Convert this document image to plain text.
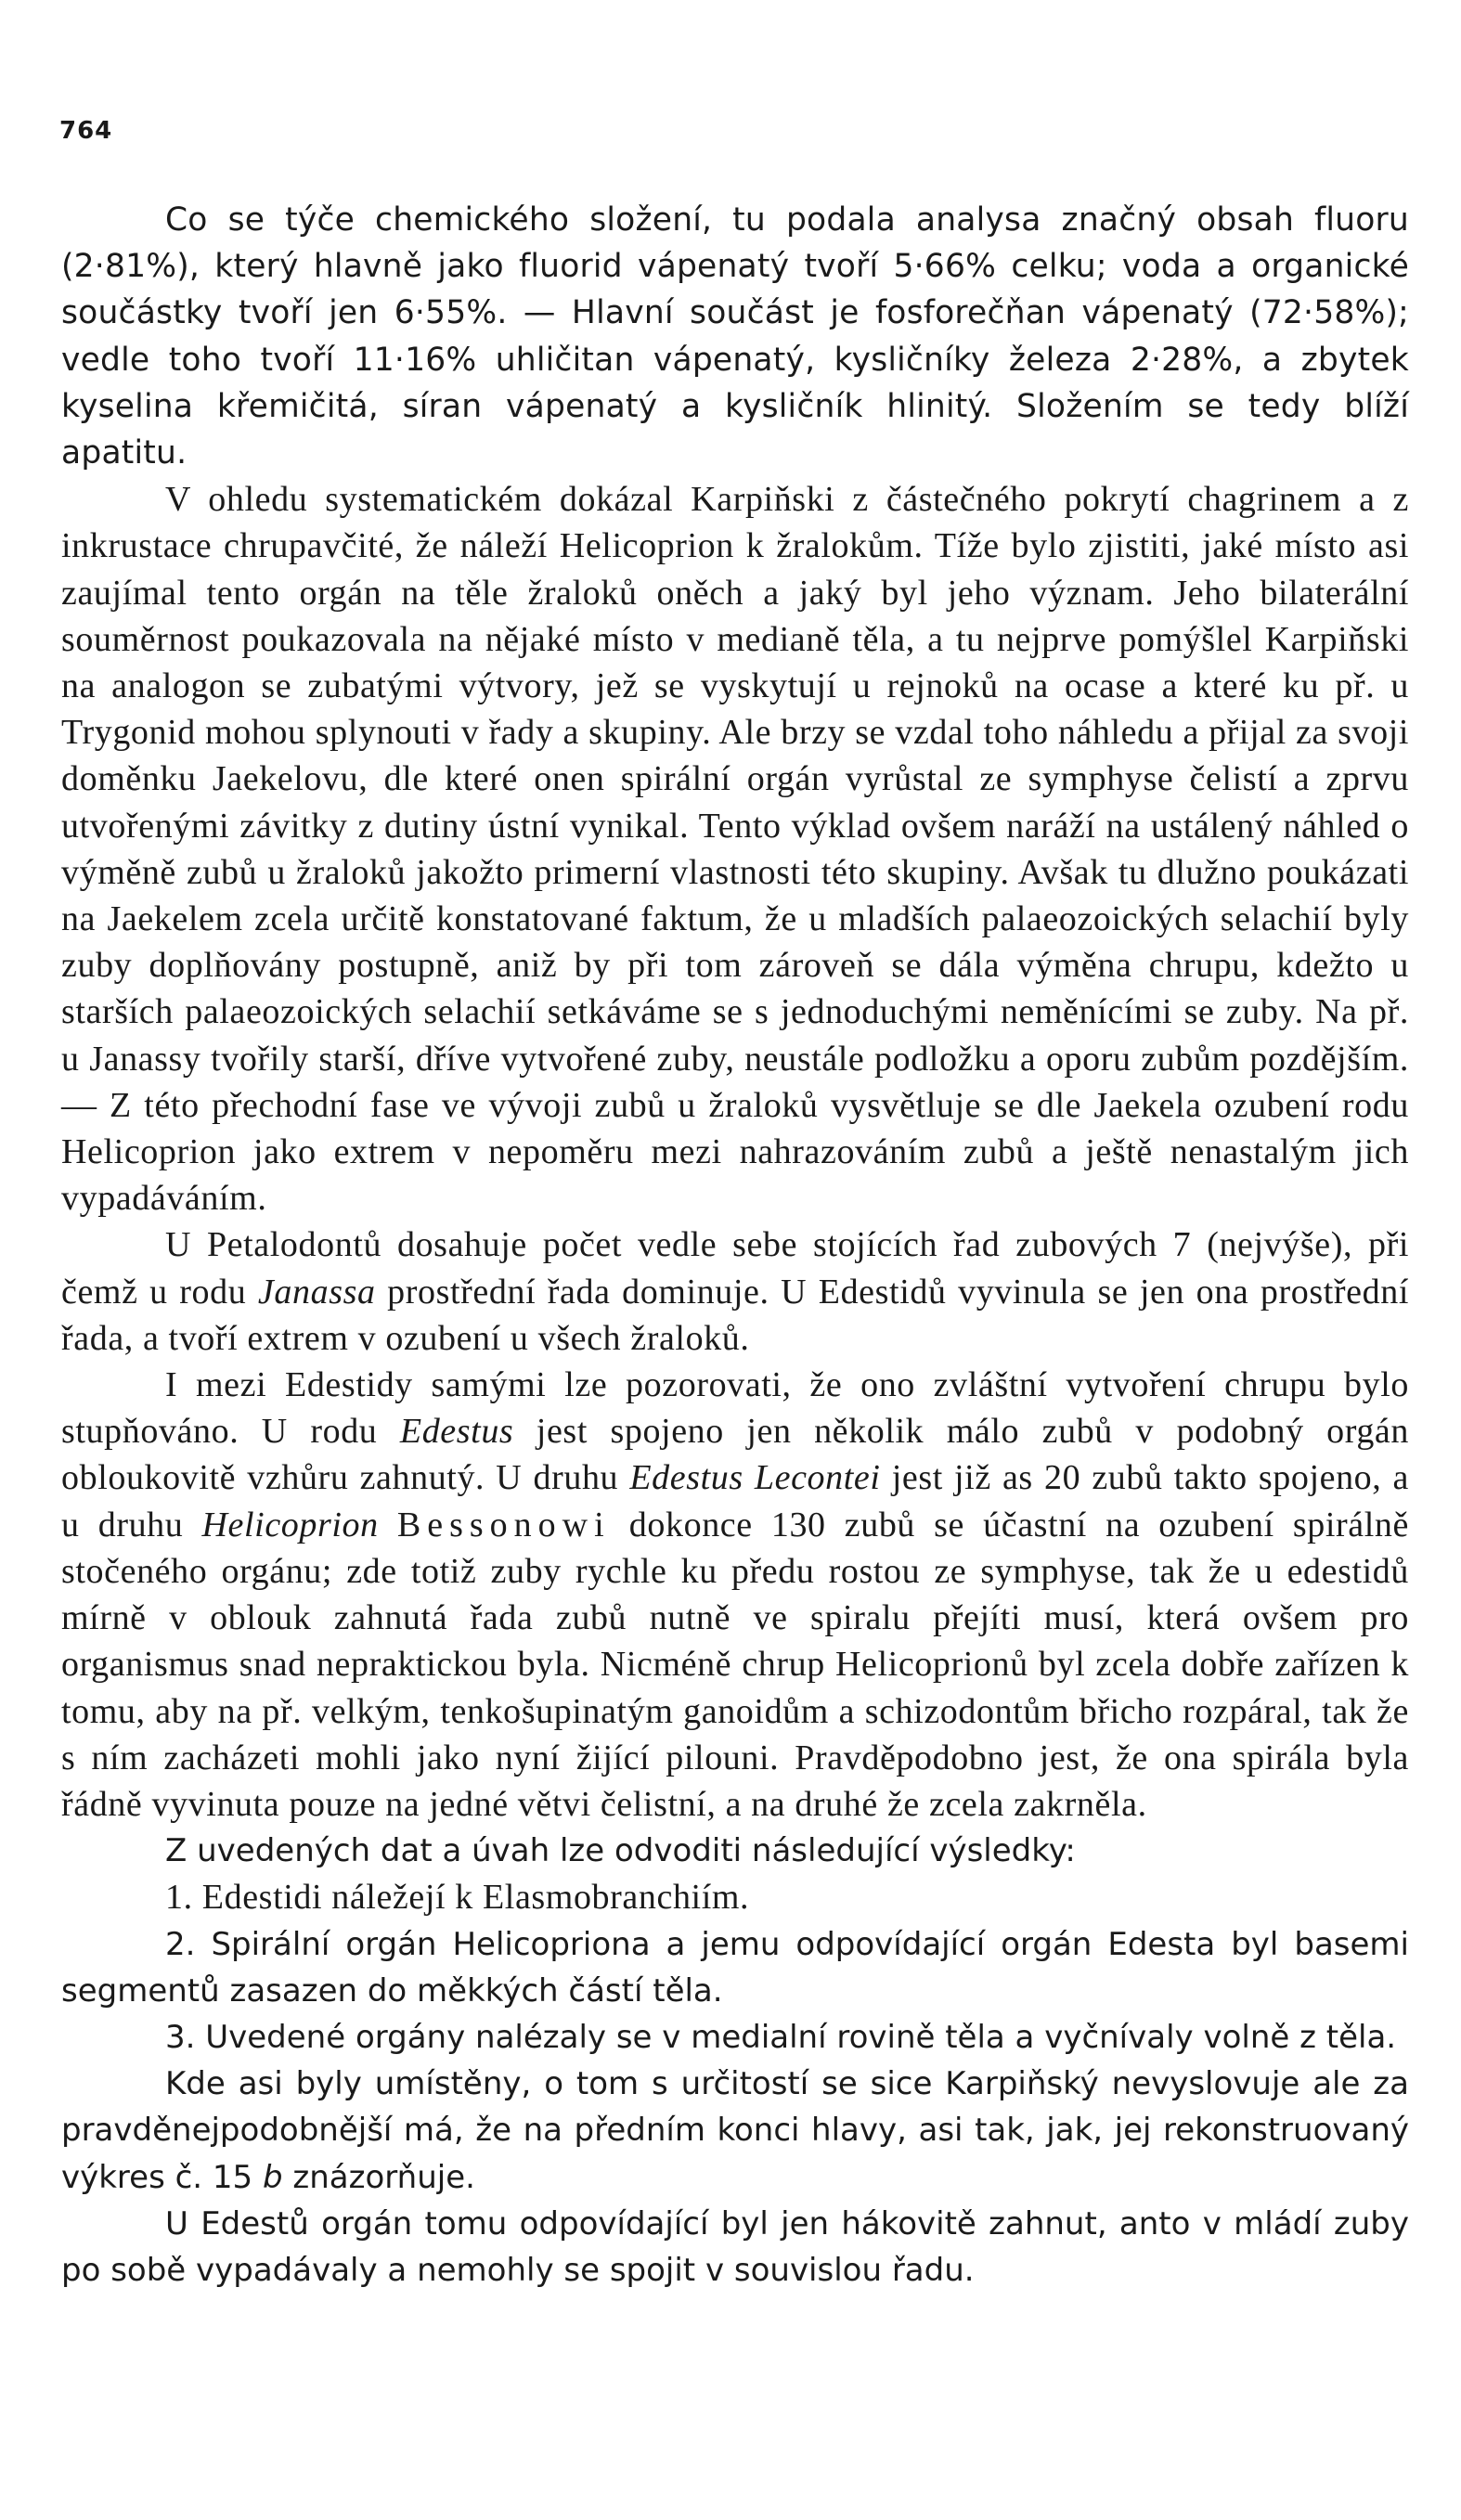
764

Co se týče chemického složení, tu podala analysa značný obsah fluoru (2·81%), který hlavně jako fluorid vápenatý tvoří 5·66% celku; voda a organické součástky tvoří jen 6·55%. — Hlavní součást je fosforečňan vápenatý (72·58%); vedle toho tvoří 11·16% uhličitan vápenatý, kysličníky železa 2·28%, a zbytek kyselina křemičitá, síran vápenatý a kysličník hlinitý. Složením se tedy blíží apatitu.

V ohledu systematickém dokázal Karpiňski z částečného pokrytí chagrinem a z inkrustace chrupavčité, že náleží Helicoprion k žralokům. Tíže bylo zjistiti, jaké místo asi zaujímal tento orgán na těle žraloků oněch a jaký byl jeho význam. Jeho bilaterální souměrnost poukazovala na nějaké místo v medianě těla, a tu nejprve pomýšlel Karpiňski na analogon se zubatými výtvory, jež se vyskytují u rejnoků na ocase a které ku př. u Trygonid mohou splynouti v řady a skupiny. Ale brzy se vzdal toho náhledu a přijal za svoji doměnku Jaekelovu, dle které onen spirální orgán vyrůstal ze symphyse čelistí a zprvu utvořenými závitky z dutiny ústní vynikal. Tento výklad ovšem naráží na ustálený náhled o výměně zubů u žraloků jakožto primerní vlastnosti této skupiny. Avšak tu dlužno poukázati na Jaekelem zcela určitě konstatované faktum, že u mladších palaeozoických selachií byly zuby doplňovány postupně, aniž by při tom zároveň se dála výměna chrupu, kdežto u starších palaeozoických selachií setkáváme se s jednoduchými neměnícími se zuby. Na př. u Janassy tvořily starší, dříve vytvořené zuby, neustále podložku a oporu zubům pozdějším. — Z této přechodní fase ve vývoji zubů u žraloků vysvětluje se dle Jaekela ozubení rodu Helicoprion jako extrem v nepoměru mezi nahrazováním zubů a ještě nenastalým jich vypadáváním.

U Petalodontů dosahuje počet vedle sebe stojících řad zubových 7 (nejvýše), při čemž u rodu Janassa prostřední řada dominuje. U Edestidů vyvinula se jen ona prostřední řada, a tvoří extrem v ozubení u všech žraloků.

I mezi Edestidy samými lze pozorovati, že ono zvláštní vytvoření chrupu bylo stupňováno. U rodu Edestus jest spojeno jen několik málo zubů v podobný orgán obloukovitě vzhůru zahnutý. U druhu Edestus Lecontei jest již as 20 zubů takto spojeno, a u druhu Helicoprion Bessonowi dokonce 130 zubů se účastní na ozubení spirálně stočeného orgánu; zde totiž zuby rychle ku předu rostou ze symphyse, tak že u edestidů mírně v oblouk zahnutá řada zubů nutně ve spiralu přejíti musí, která ovšem pro organismus snad nepraktickou byla. Nicméně chrup Helicoprionů byl zcela dobře zařízen k tomu, aby na př. velkým, tenkošupinatým ganoidům a schizodontům břicho rozpáral, tak že s ním zacházeti mohli jako nyní žijící pilouni. Pravděpodobno jest, že ona spirála byla řádně vyvinuta pouze na jedné větvi čelistní, a na druhé že zcela zakrněla.

Z uvedených dat a úvah lze odvoditi následující výsledky:

1. Edestidi náležejí k Elasmobranchiím.

2. Spirální orgán Helicopriona a jemu odpovídající orgán Edesta byl basemi segmentů zasazen do měkkých částí těla.

3. Uvedené orgány nalézaly se v medialní rovině těla a vyčnívaly volně z těla.

Kde asi byly umístěny, o tom s určitostí se sice Karpiňský nevyslovuje ale za pravděnejpodobnější má, že na předním konci hlavy, asi tak, jak, jej rekonstruovaný výkres č. 15 b znázorňuje.

U Edestů orgán tomu odpovídající byl jen hákovitě zahnut, anto v mládí zuby po sobě vypadávaly a nemohly se spojit v souvislou řadu.
